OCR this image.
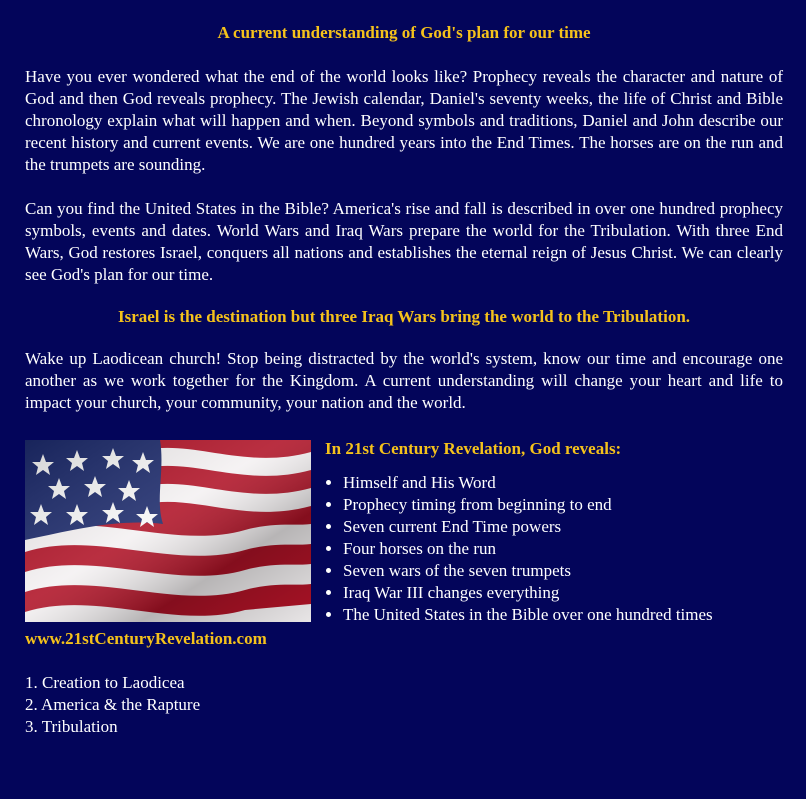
A current understanding of God's plan for our time

Have you ever wondered what the end of the world looks like? Prophecy reveals the character and nature of God and then God reveals prophecy. The Jewish calendar, Daniel's seventy weeks, the life of Christ and Bible chronology explain what will happen and when. Beyond symbols and traditions, Daniel and John describe our recent history and current events. We are one hundred years into the End Times. The horses are on the run and the trumpets are sounding.

Can you find the United States in the Bible? America's rise and fall is described in over one hundred prophecy symbols, events and dates. World Wars and Iraq Wars prepare the world for the Tribulation. With three End Wars, God restores Israel, conquers all nations and establishes the eternal reign of Jesus Christ. We can clearly see God's plan for our time.

Israel is the destination but three Iraq Wars bring the world to the Tribulation.

Wake up Laodicean church! Stop being distracted by the world's system, know our time and encourage one another as we work together for the Kingdom. A current understanding will change your heart and life to impact your church, your community, your nation and the world.

In 21st Century Revelation, God reveals:
• Himself and His Word
• Prophecy timing from beginning to end
• Seven current End Time powers
• Four horses on the run
• Seven wars of the seven trumpets
• Iraq War III changes everything
• The United States in the Bible over one hundred times

www.21stCenturyRevelation.com

1. Creation to Laodicea
2. America & the Rapture
3. Tribulation
